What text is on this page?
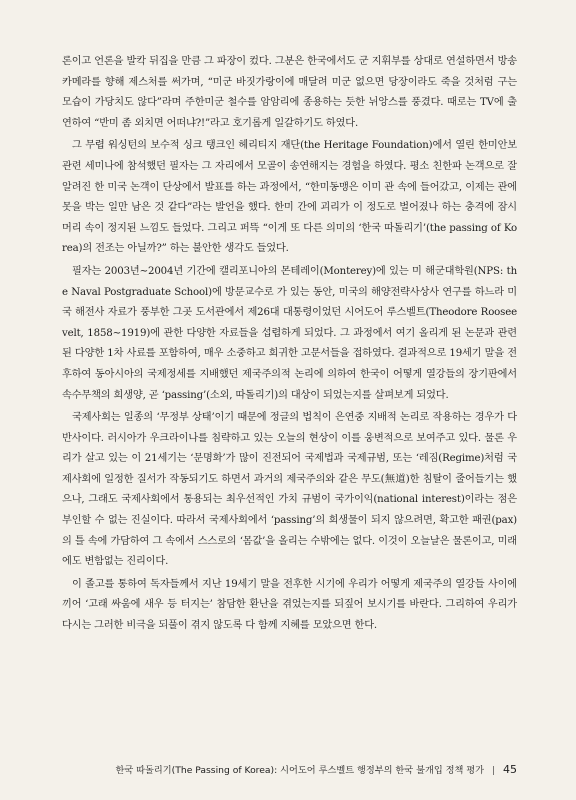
론이고 언론을 발칵 뒤집을 만큼 그 파장이 컸다. 그분은 한국에서도 군 지휘부를 상대로 연설하면서 방송 카메라를 향해 제스처를 써가며, “미군 바짓가랑이에 매달려 미군 없으면 당장이라도 죽을 것처럼 구는 모습이 가당치도 않다”라며 주한미군 철수를 암암리에 종용하는 듯한 뉘앙스를 풍겼다. 때로는 TV에 출연하여 “반미 좀 외치면 어떠냐?!”라고 호기롭게 일갈하기도 하였다.

그 무렵 워싱턴의 보수적 싱크 탱크인 헤리티지 재단(the Heritage Foundation)에서 열린 한미안보 관련 세미나에 참석했던 필자는 그 자리에서 모골이 송연해지는 경험을 하였다. 평소 친한파 논객으로 잘 알려진 한 미국 논객이 단상에서 발표를 하는 과정에서, “한미동맹은 이미 관 속에 들어갔고, 이제는 관에 못을 박는 일만 남은 것 같다”라는 발언을 했다. 한미 간에 괴리가 이 정도로 벌어졌나 하는 충격에 잠시 머리 속이 정지된 느낌도 들었다. 그리고 퍼뜩 “이게 또 다른 의미의 ‘한국 따돌리기’(the passing of Korea)의 전조는 아닐까?” 하는 불안한 생각도 들었다.

필자는 2003년∼2004년 기간에 캘리포니아의 몬테레이(Monterey)에 있는 미 해군대학원(NPS: the Naval Postgraduate School)에 방문교수로 가 있는 동안, 미국의 해양전략사상사 연구를 하느라 미국 해전사 자료가 풍부한 그곳 도서관에서 제26대 대통령이었던 시어도어 루스벨트(Theodore Rooseevelt, 1858∼1919)에 관한 다양한 자료들을 섭렵하게 되었다. 그 과정에서 여기 올리게 된 논문과 관련된 다양한 1차 사료를 포함하여, 매우 소중하고 희귀한 고문서들을 접하였다. 결과적으로 19세기 말을 전후하여 동아시아의 국제정세를 지배했던 제국주의적 논리에 의하여 한국이 어떻게 열강들의 장기판에서 속수무책의 희생양, 곧 ‘passing’(소외, 따돌리기)의 대상이 되었는지를 살펴보게 되었다.

국제사회는 일종의 ‘무정부 상태’이기 때문에 정글의 법칙이 은연중 지배적 논리로 작용하는 경우가 다반사이다. 러시아가 우크라이나를 침략하고 있는 오늘의 현상이 이를 웅변적으로 보여주고 있다. 물론 우리가 살고 있는 이 21세기는 ‘문명화’가 많이 진전되어 국제법과 국제규범, 또는 ‘레짐(Regime)처럼 국제사회에 일정한 질서가 작동되기도 하면서 과거의 제국주의와 같은 무도(無道)한 침탈이 줄어들기는 했으나, 그래도 국제사회에서 통용되는 최우선적인 가치 규범이 국가이익(national interest)이라는 점은 부인할 수 없는 진실이다. 따라서 국제사회에서 ‘passing’의 희생물이 되지 않으려면, 확고한 패권(pax)의 틀 속에 가담하여 그 속에서 스스로의 ‘몸값’을 올리는 수밖에는 없다. 이것이 오늘날은 물론이고, 미래에도 변함없는 진리이다.

이 졸고를 통하여 독자들께서 지난 19세기 말을 전후한 시기에 우리가 어떻게 제국주의 열강들 사이에 끼어 ‘고래 싸움에 새우 등 터지는’ 참담한 환난을 겪었는지를 되짚어 보시기를 바란다. 그리하여 우리가 다시는 그러한 비극을 되풀이 겪지 않도록 다 함께 지혜를 모았으면 한다.

한국 따돌리기(The Passing of Korea): 시어도어 루스벨트 행정부의 한국 불개입 정책 평가 | 45
